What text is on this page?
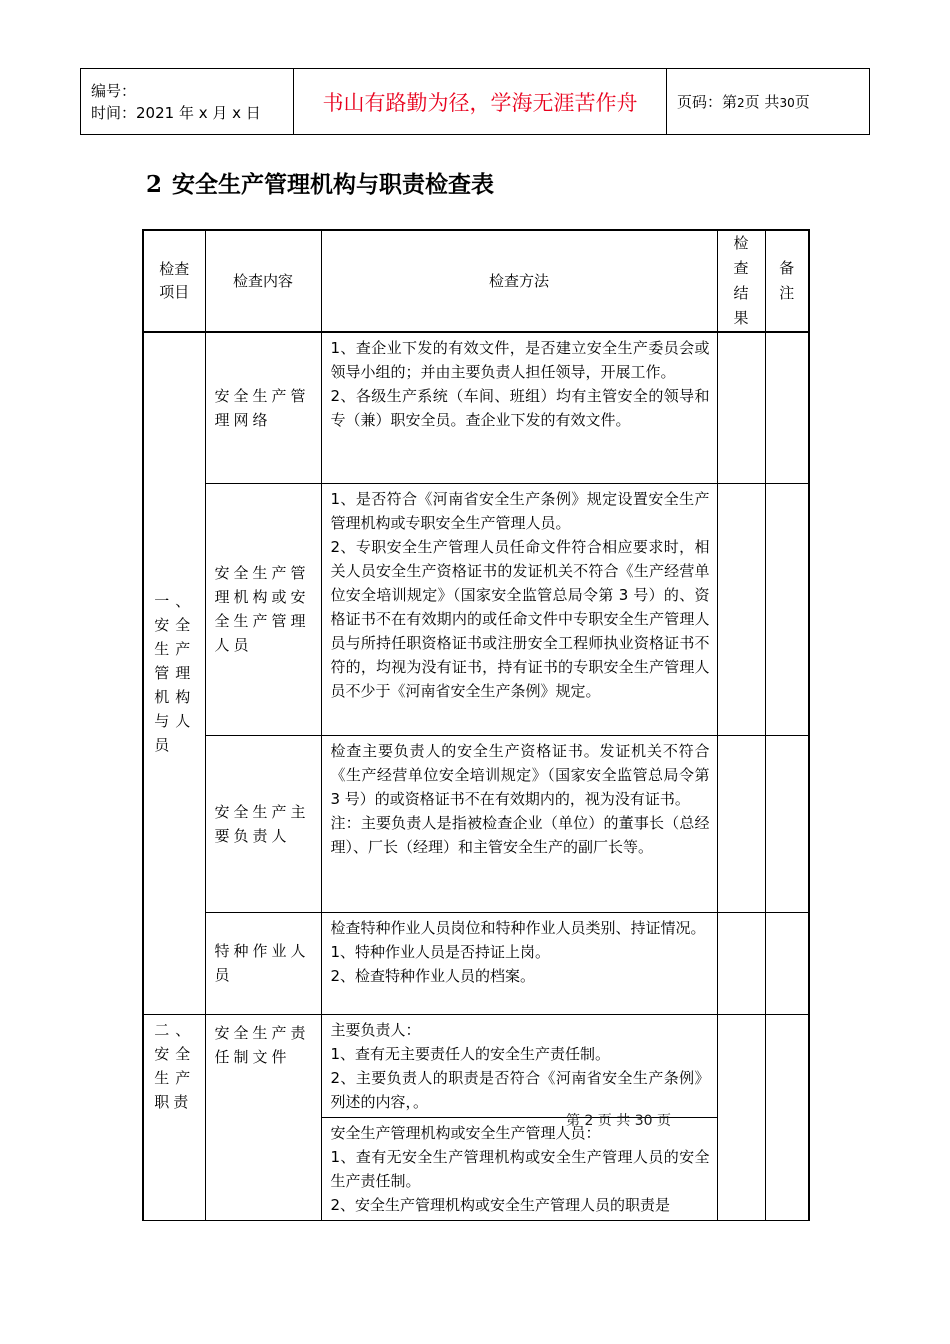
编号：
时间：2021 年 x 月 x 日	书山有路勤为径，学海无涯苦作舟	页码：第2页 共30页
2 安全生产管理机构与职责检查表
检查项目	检查内容	检查方法	检查结果	备注

一、安全生产管理机构与人员	安全生产管理网络	1、查企业下发的有效文件，是否建立安全生产委员会或领导小组的；并由主要负责人担任领导，开展工作。
2、各级生产系统（车间、班组）均有主管安全的领导和专（兼）职安全员。查企业下发的有效文件。		

	安全生产管理机构或安全生产管理人员	1、是否符合《河南省安全生产条例》规定设置安全生产管理机构或专职安全生产管理人员。
2、专职安全生产管理人员任命文件符合相应要求时，相关人员安全生产资格证书的发证机关不符合《生产经营单位安全培训规定》（国家安全监管总局令第 3 号）的、资格证书不在有效期内的或任命文件中专职安全生产管理人员与所持任职资格证书或注册安全工程师执业资格证书不符的，均视为没有证书，持有证书的专职安全生产管理人员不少于《河南省安全生产条例》规定。		

	安全生产主要负责人	检查主要负责人的安全生产资格证书。发证机关不符合《生产经营单位安全培训规定》（国家安全监管总局令第 3 号）的或资格证书不在有效期内的，视为没有证书。
注：主要负责人是指被检查企业（单位）的董事长（总经理）、厂长（经理）和主管安全生产的副厂长等。		

	特种作业人员	检查特种作业人员岗位和特种作业人员类别、持证情况。
1、特种作业人员是否持证上岗。
2、检查特种作业人员的档案。		

二、安全生产职责	安全生产责任制文件	主要负责人：
1、查有无主要责任人的安全生产责任制。
2、主要负责人的职责是否符合《河南省安全生产条例》列述的内容，。		

		安全生产管理机构或安全生产管理人员：
1、查有无安全生产管理机构或安全生产管理人员的安全生产责任制。
2、安全生产管理机构或安全生产管理人员的职责是		
第 2 页 共 30 页
